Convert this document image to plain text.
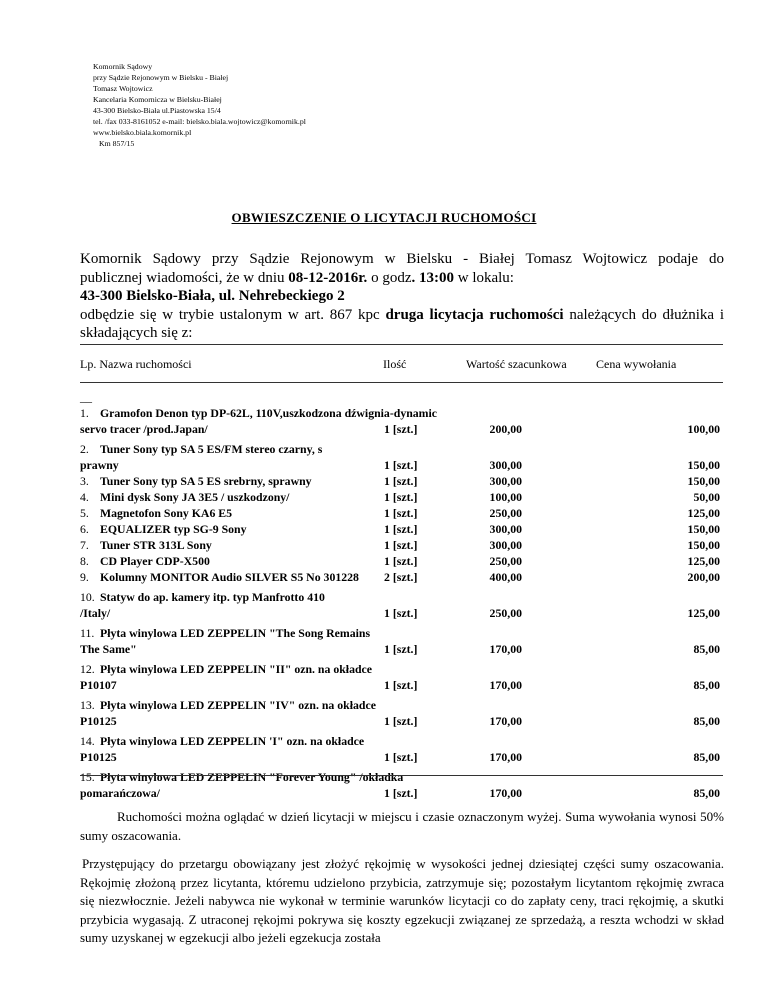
Komornik Sądowy
przy Sądzie Rejonowym w Bielsku - Białej
Tomasz Wojtowicz
Kancelaria Komornicza w Bielsku-Białej
43-300 Bielsko-Biała ul.Piastowska 15/4
tel. /fax 033-8161052 e-mail: bielsko.biala.wojtowicz@komornik.pl
www.bielsko.biala.komornik.pl
Km 857/15
OBWIESZCZENIE O LICYTACJI RUCHOMOŚCI

Komornik Sądowy przy Sądzie Rejonowym w Bielsku - Białej Tomasz Wojtowicz podaje do

publicznej wiadomości, że w dniu 08-12-2016r. o godz. 13:00 w lokalu:

43-300 Bielsko-Biała, ul. Nehrebeckiego 2

odbędzie się w trybie ustalonym w art. 867 kpc druga licytacja ruchomości należących do dłużnika i

składających się z:

Lp. Nazwa ruchomości	Ilość	Wartość szacunkowa Cena wywołania
__
1. Gramofon Denon typ DP-62L, 110V,uszkodzona dźwignia-dynamic
servo tracer /prod.Japan/	1 [szt.]	200,00	100,00
2. Tuner Sony typ SA 5 ES/FM stereo czarny, s
prawny	1 [szt.]	300,00	150,00
3. Tuner Sony typ SA 5 ES srebrny, sprawny	1 [szt.]	300,00	150,00
4. Mini dysk Sony JA 3E5 / uszkodzony/	1 [szt.]	100,00	50,00
5. Magnetofon Sony KA6 E5	1 [szt.]	250,00	125,00
6. EQUALIZER typ SG-9 Sony	1 [szt.]	300,00	150,00
7. Tuner STR 313L Sony	1 [szt.]	300,00	150,00
8. CD Player CDP-X500	1 [szt.]	250,00	125,00
9. Kolumny MONITOR Audio SILVER S5 No 301228 2 [szt.]	400,00	200,00
10. Statyw do ap. kamery itp. typ Manfrotto 410
/Italy/	1 [szt.]	250,00	125,00
11. Płyta winylowa LED ZEPPELIN "The Song Remains
The Same"	1 [szt.]	170,00	85,00
12. Płyta winylowa LED ZEPPELIN "II" ozn. na okładce
P10107	1 [szt.]	170,00	85,00
13. Płyta winylowa LED ZEPPELIN "IV" ozn. na okładce
P10125	1 [szt.]	170,00	85,00
14. Płyta winylowa LED ZEPPELIN 'I" ozn. na okładce
P10125	1 [szt.]	170,00	85,00
15. Płyta winylowa LED ZEPPELIN "Forever Young" /okładka
pomarańczowa/	1 [szt.]	170,00	85,00

Ruchomości można oglądać w dzień licytacji w miejscu i czasie oznaczonym wyżej. Suma wywołania wynosi 50% sumy oszacowania.

Przystępujący do przetargu obowiązany jest złożyć rękojmię w wysokości jednej dziesiątej części sumy oszacowania. Rękojmię złożoną przez licytanta, któremu udzielono przybicia, zatrzymuje się; pozostałym licytantom rękojmię zwraca się niezwłocznie. Jeżeli nabywca nie wykonał w terminie warunków licytacji co do zapłaty ceny, traci rękojmię, a skutki przybicia wygasają. Z utraconej rękojmi pokrywa się koszty egzekucji związanej ze sprzedażą, a reszta wchodzi w skład sumy uzyskanej w egzekucji albo jeżeli egzekucja została
